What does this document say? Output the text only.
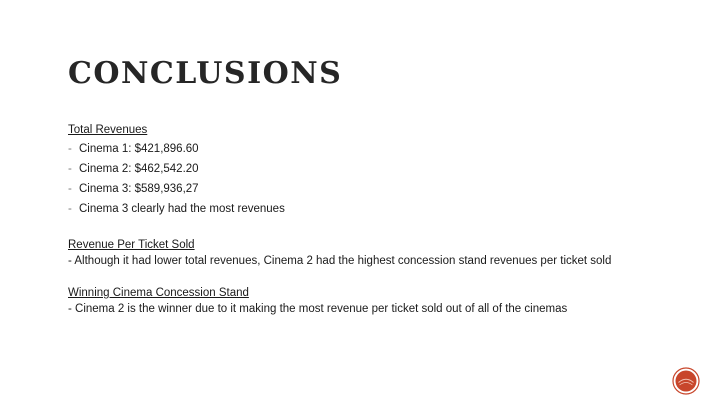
CONCLUSIONS

Total Revenues

- Cinema 1: $421,896.60
- Cinema 2: $462,542.20
- Cinema 3: $589,936,27
- Cinema 3 clearly had the most revenues

Revenue Per Ticket Sold

- Although it had lower total revenues, Cinema 2 had the highest concession stand revenues per ticket sold

Winning Cinema Concession Stand

- Cinema 2 is the winner due to it making the most revenue per ticket sold out of all of the cinemas
